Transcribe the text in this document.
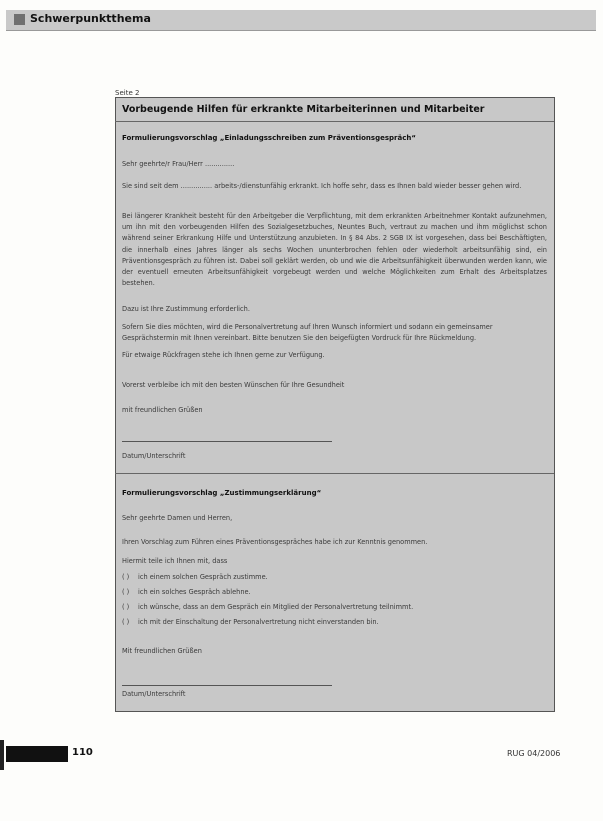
Schwerpunktthema
Seite 2
Vorbeugende Hilfen für erkrankte Mitarbeiterinnen und Mitarbeiter
Formulierungsvorschlag „Einladungsschreiben zum Präventionsgespräch“
Sehr geehrte/r Frau/Herr ..............
Sie sind seit dem ............... arbeits-/dienstunfähig erkrankt. Ich hoffe sehr, dass es Ihnen bald wieder besser gehen wird.
Bei längerer Krankheit besteht für den Arbeitgeber die Verpflichtung, mit dem erkrankten Arbeitnehmer Kontakt aufzunehmen, um ihn mit den vorbeugenden Hilfen des Sozialgesetzbuches, Neuntes Buch, vertraut zu machen und ihm möglichst schon während seiner Erkrankung Hilfe und Unterstützung anzubieten. In § 84 Abs. 2 SGB IX ist vorgesehen, dass bei Beschäftigten, die innerhalb eines Jahres länger als sechs Wochen ununterbrochen fehlen oder wiederholt arbeitsunfähig sind, ein Präventionsgespräch zu führen ist. Dabei soll geklärt werden, ob und wie die Arbeitsunfähigkeit überwunden werden kann, wie der eventuell erneuten Arbeitsunfähigkeit vorgebeugt werden und welche Möglichkeiten zum Erhalt des Arbeitsplatzes bestehen.
Dazu ist Ihre Zustimmung erforderlich.
Sofern Sie dies möchten, wird die Personalvertretung auf Ihren Wunsch informiert und sodann ein gemeinsamer Gesprächstermin mit Ihnen vereinbart. Bitte benutzen Sie den beigefügten Vordruck für Ihre Rückmeldung.
Für etwaige Rückfragen stehe ich Ihnen gerne zur Verfügung.
Vorerst verbleibe ich mit den besten Wünschen für Ihre Gesundheit
mit freundlichen Grüßen
Datum/Unterschrift
Formulierungsvorschlag „Zustimmungserklärung“
Sehr geehrte Damen und Herren,
Ihren Vorschlag zum Führen eines Präventionsgespräches habe ich zur Kenntnis genommen.
Hiermit teile ich Ihnen mit, dass
( ) ich einem solchen Gespräch zustimme.
( ) ich ein solches Gespräch ablehne.
( ) ich wünsche, dass an dem Gespräch ein Mitglied der Personalvertretung teilnimmt.
( ) ich mit der Einschaltung der Personalvertretung nicht einverstanden bin.
Mit freundlichen Grüßen
Datum/Unterschrift
110	RUG 04/2006
